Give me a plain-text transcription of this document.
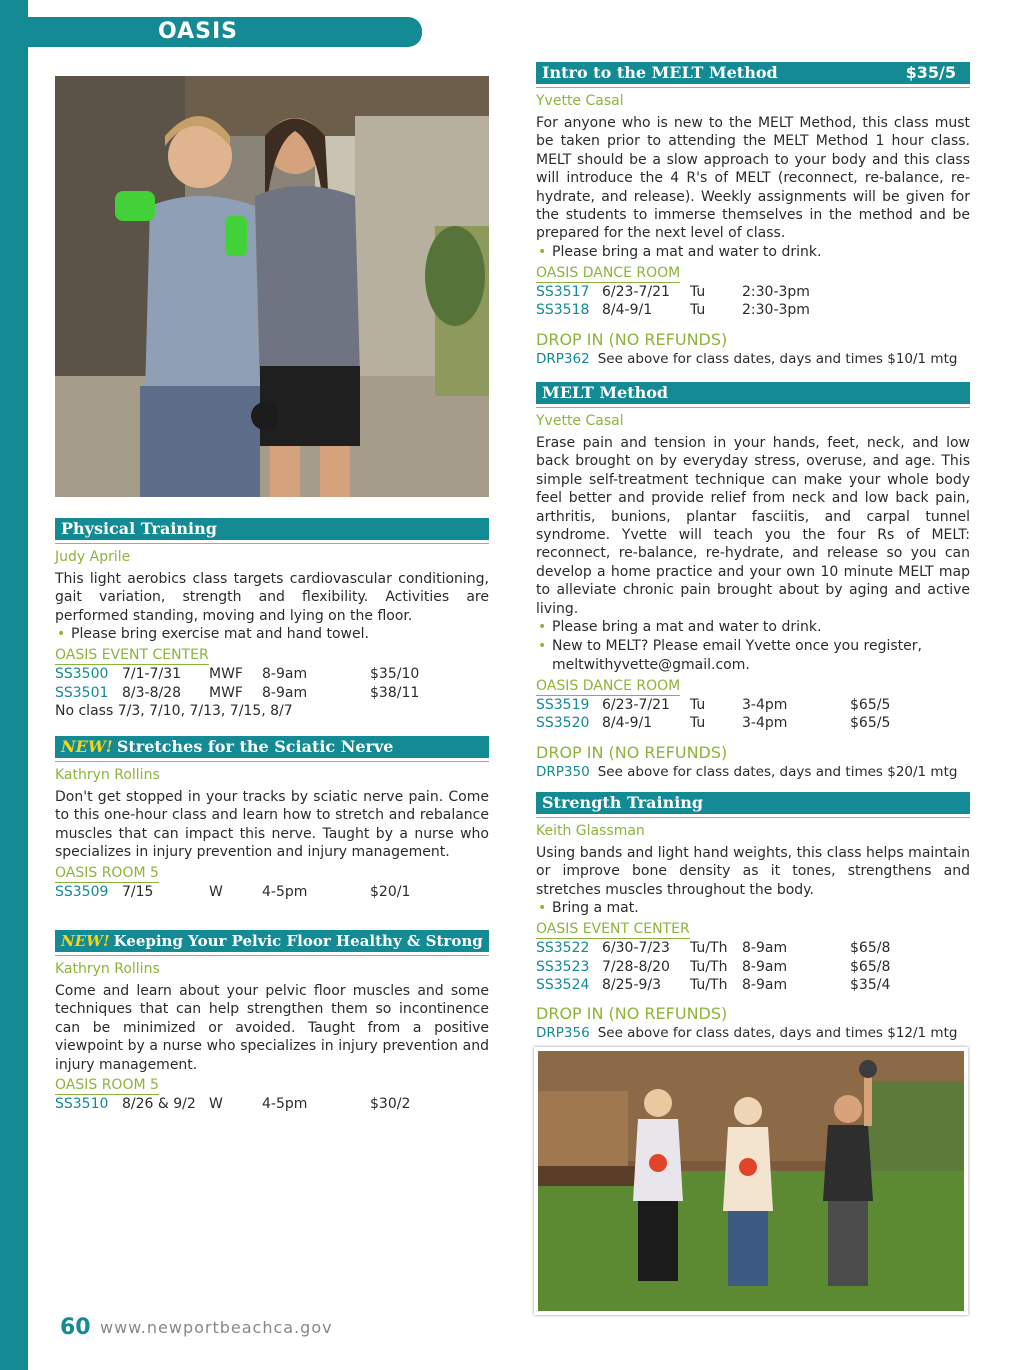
OASIS
Physical Training
Judy Aprile
This light aerobics class targets cardiovascular conditioning, gait variation, strength and flexibility. Activities are performed standing, moving and lying on the floor.
• Please bring exercise mat and hand towel.
OASIS EVENT CENTER
SS3500 7/1-7/31 MWF 8-9am	$35/10
SS3501 8/3-8/28 MWF 8-9am	$38/11
No class 7/3, 7/10, 7/13, 7/15, 8/7
NEW! Stretches for the Sciatic Nerve
Kathryn Rollins
Don't get stopped in your tracks by sciatic nerve pain. Come to this one-hour class and learn how to stretch and rebalance muscles that can impact this nerve. Taught by a nurse who specializes in injury prevention and injury management.
OASIS ROOM 5
SS3509 7/15	W	4-5pm	$20/1
NEW! Keeping Your Pelvic Floor Healthy & Strong
Kathryn Rollins
Come and learn about your pelvic floor muscles and some techniques that can help strengthen them so incontinence can be minimized or avoided. Taught from a positive viewpoint by a nurse who specializes in injury prevention and injury management.
OASIS ROOM 5
SS3510 8/26 & 9/2 W	4-5pm	$30/2
Intro to the MELT Method	$35/5
Yvette Casal
For anyone who is new to the MELT Method, this class must be taken prior to attending the MELT Method 1 hour class. MELT should be a slow approach to your body and this class will introduce the 4 R's of MELT (reconnect, re-balance, re-hydrate, and release). Weekly assignments will be given for the students to immerse themselves in the method and be prepared for the next level of class.
• Please bring a mat and water to drink.
OASIS DANCE ROOM
SS3517 6/23-7/21 Tu	2:30-3pm
SS3518 8/4-9/1	Tu	2:30-3pm
DROP IN (NO REFUNDS)
DRP362 See above for class dates, days and times $10/1 mtg
MELT Method
Yvette Casal
Erase pain and tension in your hands, feet, neck, and low back brought on by everyday stress, overuse, and age. This simple self-treatment technique can make your whole body feel better and provide relief from neck and low back pain, arthritis, bunions, plantar fasciitis, and carpal tunnel syndrome. Yvette will teach you the four Rs of MELT: reconnect, re-balance, re-hydrate, and release so you can develop a home practice and your own 10 minute MELT map to alleviate chronic pain brought about by aging and active living.
• Please bring a mat and water to drink.
• New to MELT? Please email Yvette once you register, meltwithyvette@gmail.com.
OASIS DANCE ROOM
SS3519 6/23-7/21 Tu	3-4pm	$65/5
SS3520 8/4-9/1	Tu	3-4pm	$65/5
DROP IN (NO REFUNDS)
DRP350 See above for class dates, days and times $20/1 mtg
Strength Training
Keith Glassman
Using bands and light hand weights, this class helps maintain or improve bone density as it tones, strengthens and stretches muscles throughout the body.
• Bring a mat.
OASIS EVENT CENTER
SS3522 6/30-7/23 Tu/Th 8-9am	$65/8
SS3523 7/28-8/20 Tu/Th 8-9am	$65/8
SS3524 8/25-9/3 Tu/Th 8-9am	$35/4
DROP IN (NO REFUNDS)
DRP356 See above for class dates, days and times $12/1 mtg
60 www.newportbeachca.gov
